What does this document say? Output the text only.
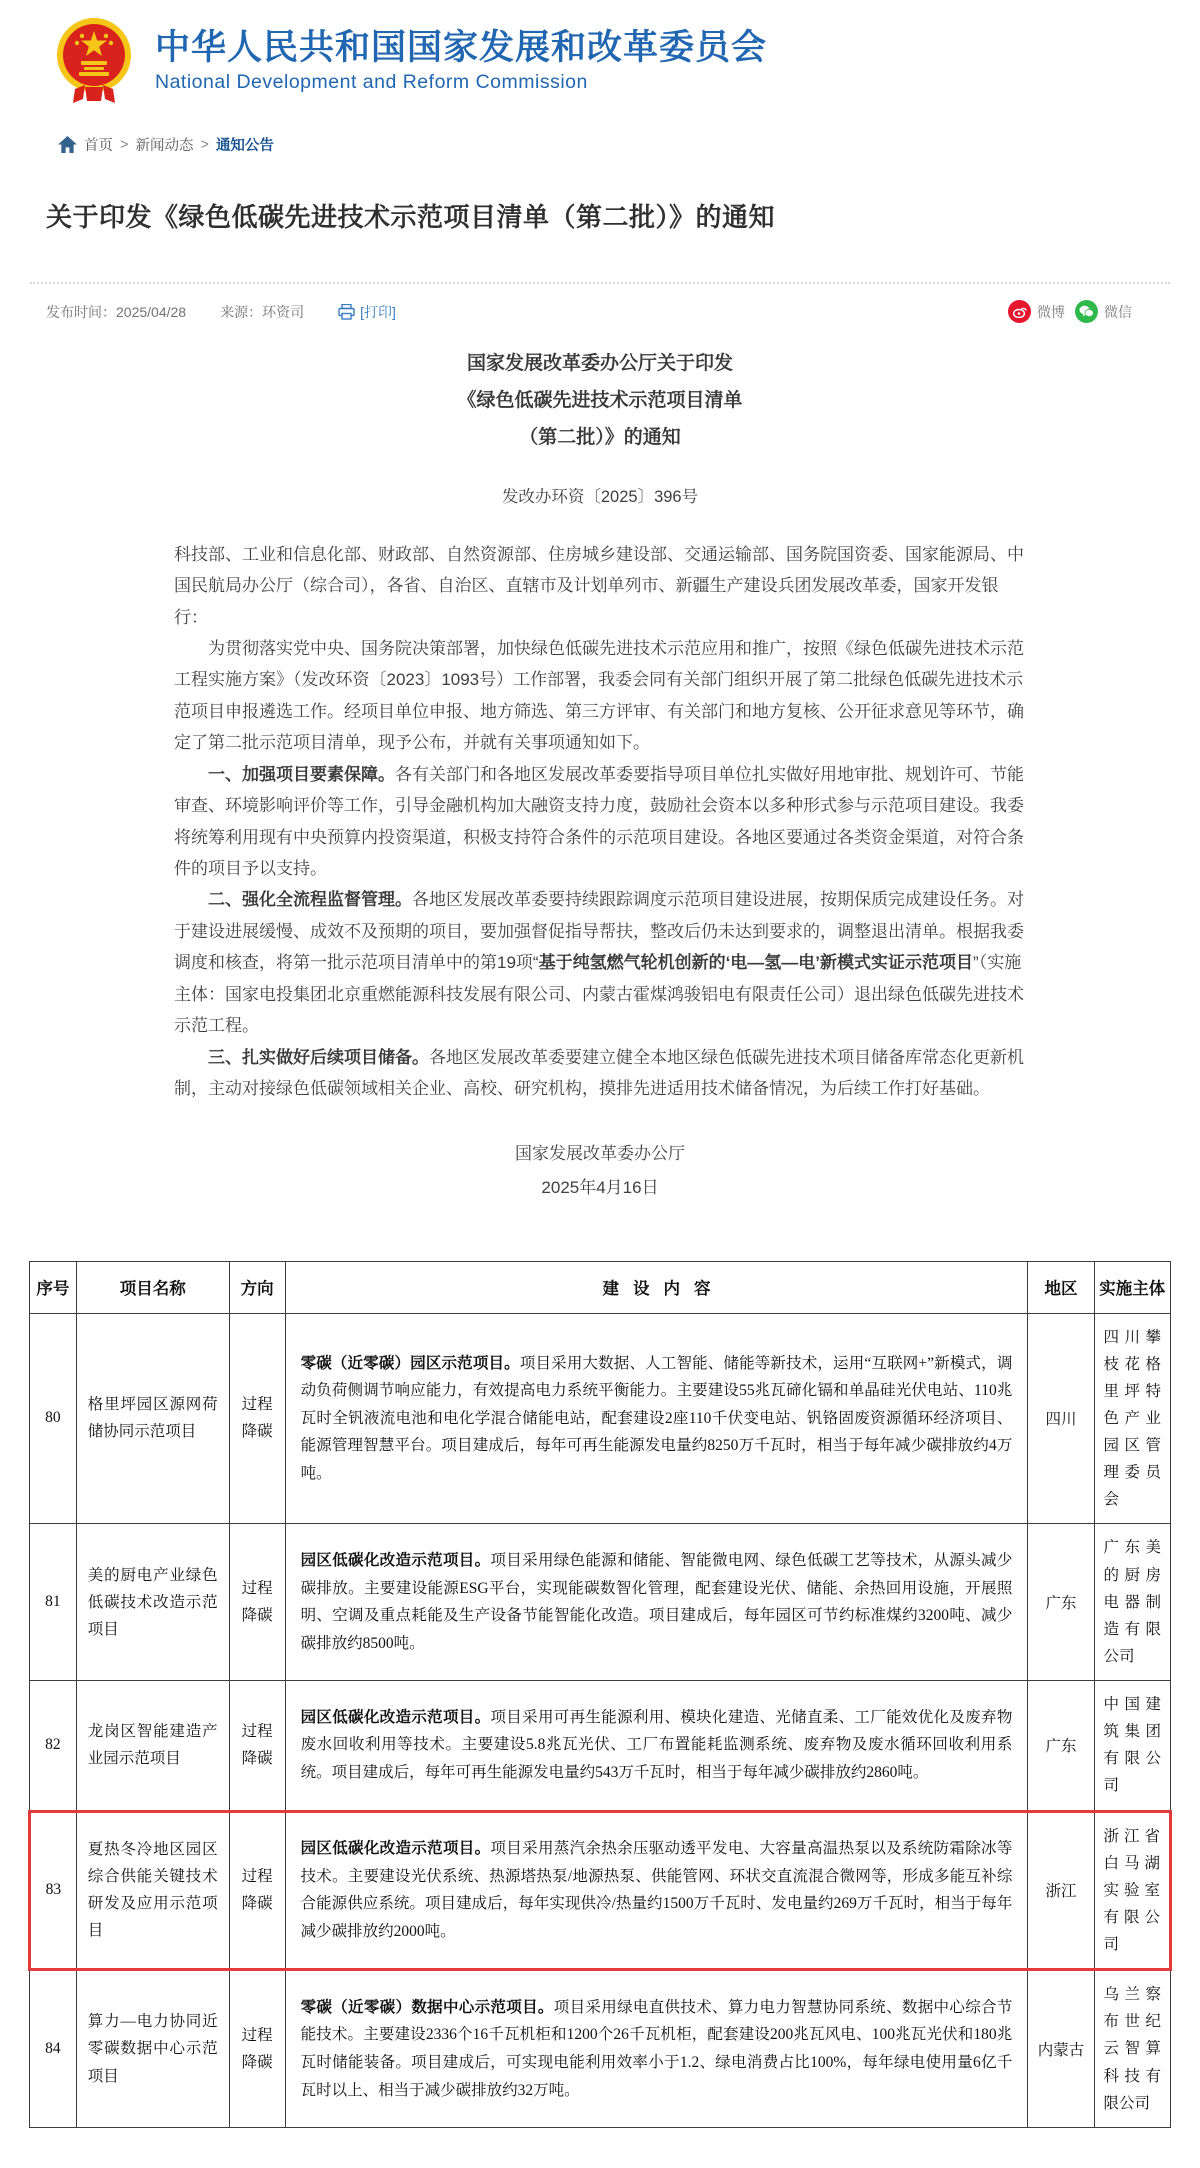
中华人民共和国国家发展和改革委员会
National Development and Reform Commission
首页 > 新闻动态 > 通知公告
关于印发《绿色低碳先进技术示范项目清单（第二批）》的通知
发布时间：2025/04/28 来源：环资司	[打印]	微博	微信
国家发展改革委办公厅关于印发
《绿色低碳先进技术示范项目清单
（第二批）》的通知
发改办环资〔2025〕396号

科技部、工业和信息化部、财政部、自然资源部、住房城乡建设部、交通运输部、国务院国资委、国家能源局、中国民航局办公厅（综合司），各省、自治区、直辖市及计划单列市、新疆生产建设兵团发展改革委，国家开发银行：

为贯彻落实党中央、国务院决策部署，加快绿色低碳先进技术示范应用和推广，按照《绿色低碳先进技术示范工程实施方案》（发改环资〔2023〕1093号）工作部署，我委会同有关部门组织开展了第二批绿色低碳先进技术示范项目申报遴选工作。经项目单位申报、地方筛选、第三方评审、有关部门和地方复核、公开征求意见等环节，确定了第二批示范项目清单，现予公布，并就有关事项通知如下。

一、加强项目要素保障。各有关部门和各地区发展改革委要指导项目单位扎实做好用地审批、规划许可、节能审查、环境影响评价等工作，引导金融机构加大融资支持力度，鼓励社会资本以多种形式参与示范项目建设。我委将统筹利用现有中央预算内投资渠道，积极支持符合条件的示范项目建设。各地区要通过各类资金渠道，对符合条件的项目予以支持。

二、强化全流程监督管理。各地区发展改革委要持续跟踪调度示范项目建设进展，按期保质完成建设任务。对于建设进展缓慢、成效不及预期的项目，要加强督促指导帮扶，整改后仍未达到要求的，调整退出清单。根据我委调度和核查，将第一批示范项目清单中的第19项“基于纯氢燃气轮机创新的‘电—氢—电’新模式实证示范项目”（实施主体：国家电投集团北京重燃能源科技发展有限公司、内蒙古霍煤鸿骏铝电有限责任公司）退出绿色低碳先进技术示范工程。

三、扎实做好后续项目储备。各地区发展改革委要建立健全本地区绿色低碳先进技术项目储备库常态化更新机制，主动对接绿色低碳领域相关企业、高校、研究机构，摸排先进适用技术储备情况，为后续工作打好基础。

国家发展改革委办公厅
2025年4月16日
序号	项目名称	方向	建设内容	地区	实施主体
80	格里坪园区源网荷储协同示范项目	过程降碳	零碳（近零碳）园区示范项目。项目采用大数据、人工智能、储能等新技术，运用“互联网+”新模式，调动负荷侧调节响应能力，有效提高电力系统平衡能力。主要建设55兆瓦碲化镉和单晶硅光伏电站、110兆瓦时全钒液流电池和电化学混合储能电站，配套建设2座110千伏变电站、钒铬固废资源循环经济项目、能源管理智慧平台。项目建成后，每年可再生能源发电量约8250万千瓦时，相当于每年减少碳排放约4万吨。	四川	四川攀枝花格里坪特色产业园区管理委员会
81	美的厨电产业绿色低碳技术改造示范项目	过程降碳	园区低碳化改造示范项目。项目采用绿色能源和储能、智能微电网、绿色低碳工艺等技术，从源头减少碳排放。主要建设能源ESG平台，实现能碳数智化管理，配套建设光伏、储能、余热回用设施，开展照明、空调及重点耗能及生产设备节能智能化改造。项目建成后，每年园区可节约标准煤约3200吨、减少碳排放约8500吨。	广东	广东美的厨房电器制造有限公司
82	龙岗区智能建造产业园示范项目	过程降碳	园区低碳化改造示范项目。项目采用可再生能源利用、模块化建造、光储直柔、工厂能效优化及废弃物废水回收利用等技术。主要建设5.8兆瓦光伏、工厂布置能耗监测系统、废弃物及废水循环回收利用系统。项目建成后，每年可再生能源发电量约543万千瓦时，相当于每年减少碳排放约2860吨。	广东	中国建筑集团有限公司
83	夏热冬冷地区园区综合供能关键技术研发及应用示范项目	过程降碳	园区低碳化改造示范项目。项目采用蒸汽余热余压驱动透平发电、大容量高温热泵以及系统防霜除冰等技术。主要建设光伏系统、热源塔热泵/地源热泵、供能管网、环状交直流混合微网等，形成多能互补综合能源供应系统。项目建成后，每年实现供冷/热量约1500万千瓦时、发电量约269万千瓦时，相当于每年减少碳排放约2000吨。	浙江	浙江省白马湖实验室有限公司
84	算力—电力协同近零碳数据中心示范项目	过程降碳	零碳（近零碳）数据中心示范项目。项目采用绿电直供技术、算力电力智慧协同系统、数据中心综合节能技术。主要建设2336个16千瓦机柜和1200个26千瓦机柜，配套建设200兆瓦风电、100兆瓦光伏和180兆瓦时储能装备。项目建成后，可实现电能利用效率小于1.2、绿电消费占比100%，每年绿电使用量6亿千瓦时以上、相当于减少碳排放约32万吨。	内蒙古	乌兰察布世纪云智算科技有限公司
